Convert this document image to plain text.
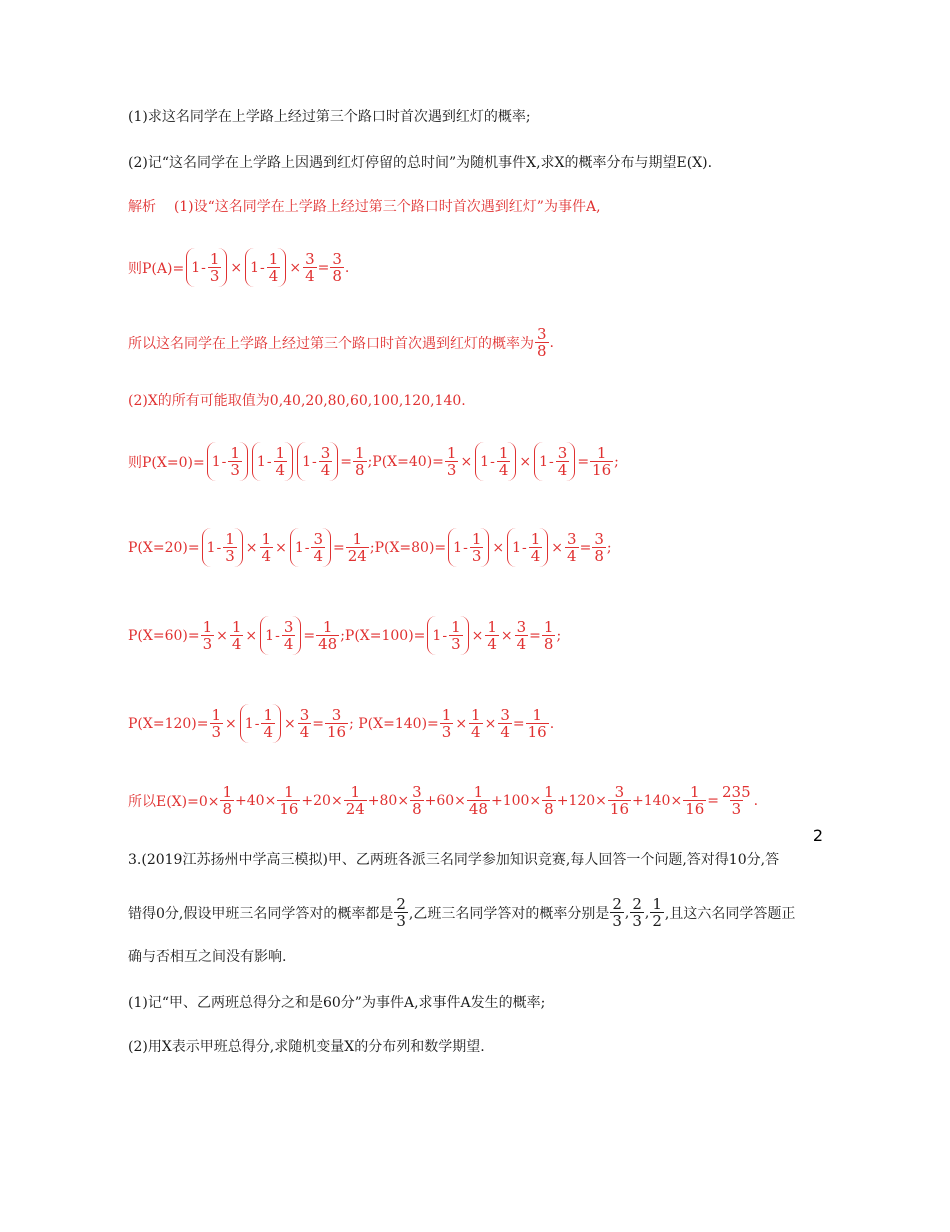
(1)求这名同学在上学路上经过第三个路口时首次遇到红灯的概率;
(2)记“这名同学在上学路上因遇到红灯停留的总时间”为随机事件X,求X的概率分布与期望E(X).
解析 (1)设“这名同学在上学路上经过第三个路口时首次遇到红灯”为事件A,
则$P(A)= 1 - \frac{1}{3} \times 1 - \frac{1}{4} \times \frac{3}{4} = \frac{3}{8}$ .
所以这名同学在上学路上经过第三个路口时首次遇到红灯的概率为 $\frac{3}{8}$ .
(2)X的所有可能取值为0,40,20,80,60,100,120,140.
则$P(X=0)= 1 - \frac{1}{3}$	$1 - \frac{1}{4}$	$1 - \frac{3}{4} = \frac{1}{8}$ ; $P(X=40)= \frac{1}{3} \times 1 - \frac{1}{4} \times 1 - \frac{3}{4} = \frac{1}{16}$ ;
$P(X=20)= 1 - \frac{1}{3} \times \frac{1}{4} \times 1 - \frac{3}{4} = \frac{1}{24}$ ; $P(X=80)= 1 - \frac{1}{3} \times 1 - \frac{1}{4} \times \frac{3}{4} = \frac{3}{8}$ ;
$P(X=60)= \frac{1}{3} \times \frac{1}{4} \times 1 - \frac{3}{4} = \frac{1}{48}$ ; $P(X=100)= 1 - \frac{1}{3} \times \frac{1}{4} \times \frac{3}{4} = \frac{1}{8}$ ;
$P(X=120)= \frac{1}{3} \times 1 - \frac{1}{4} \times \frac{3}{4} = \frac{3}{16}$ ; $P(X=140)= \frac{1}{3} \times \frac{1}{4} \times \frac{3}{4} = \frac{1}{16}$ .
所以$E(X)=0\times \frac{1}{8} +40\times \frac{1}{16} +20\times \frac{1}{24} +80\times \frac{3}{8} +60\times \frac{1}{48} +100\times \frac{1}{8} +120\times \frac{3}{16} +140\times \frac{1}{16} = \frac{235}{3}$ .
3.(2019江苏扬州中学高三模拟)甲、乙两班各派三名同学参加知识竞赛,每人回答一个问题,答对得10分,答
错得0分,假设甲班三名同学答对的概率都是 $\frac{2}{3}$ ,乙班三名同学答对的概率分别是 $\frac{2}{3}$ , $\frac{2}{3}$ , $\frac{1}{2}$ ,且这六名同学答题正
确与否相互之间没有影响.
(1)记“甲、乙两班总得分之和是60分”为事件A,求事件A发生的概率;
(2)用X表示甲班总得分,求随机变量X的分布列和数学期望.
2
